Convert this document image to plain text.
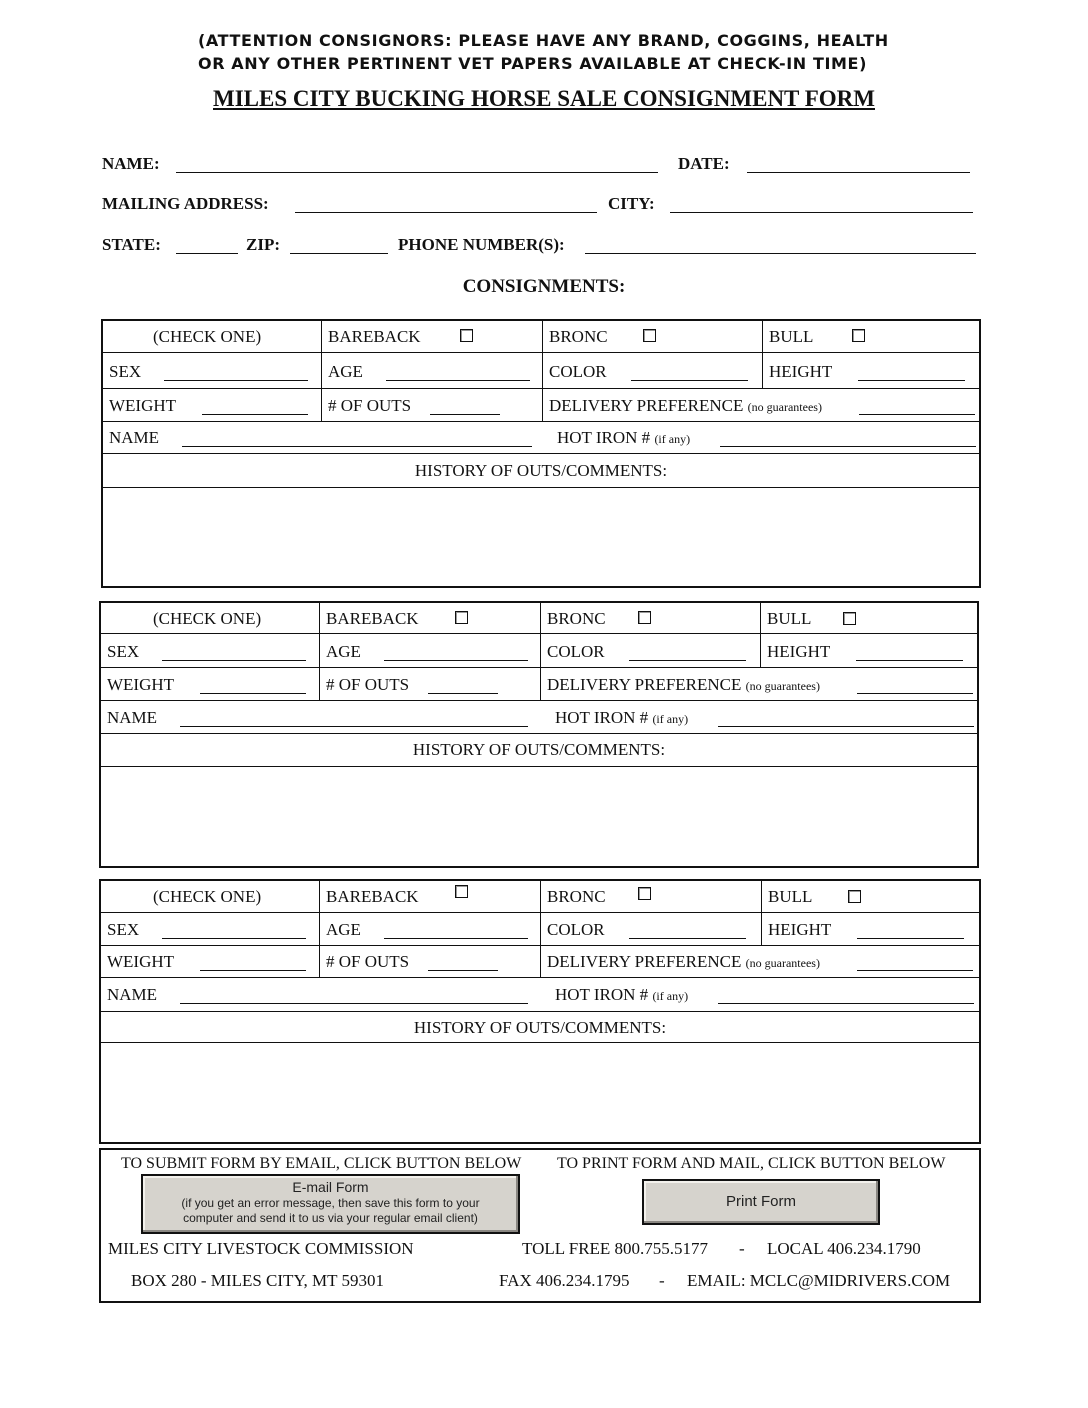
(ATTENTION CONSIGNORS: PLEASE HAVE ANY BRAND, COGGINS, HEALTH
OR ANY OTHER PERTINENT VET PAPERS AVAILABLE AT CHECK-IN TIME)
MILES CITY BUCKING HORSE SALE CONSIGNMENT FORM
NAME:	DATE:
MAILING ADDRESS:	CITY:
STATE:	ZIP:	PHONE NUMBER(S):
CONSIGNMENTS:
(CHECK ONE)	BAREBACK	BRONC	BULL
SEX	AGE	COLOR	HEIGHT
WEIGHT	# OF OUTS	DELIVERY PREFERENCE (no guarantees)
NAME	HOT IRON # (if any)
HISTORY OF OUTS/COMMENTS:
(CHECK ONE)	BAREBACK	BRONC	BULL
SEX	AGE	COLOR	HEIGHT
WEIGHT	# OF OUTS	DELIVERY PREFERENCE (no guarantees)
NAME	HOT IRON # (if any)
HISTORY OF OUTS/COMMENTS:
(CHECK ONE)	BAREBACK	BRONC	BULL
SEX	AGE	COLOR	HEIGHT
WEIGHT	# OF OUTS	DELIVERY PREFERENCE (no guarantees)
NAME	HOT IRON # (if any)
HISTORY OF OUTS/COMMENTS:
TO SUBMIT FORM BY EMAIL, CLICK BUTTON BELOW TO PRINT FORM AND MAIL, CLICK BUTTON BELOW
E-mail Form
(if you get an error message, then save this form to your
computer and send it to us via your regular email client)
Print Form
MILES CITY LIVESTOCK COMMISSION	TOLL FREE 800.755.5177 - LOCAL 406.234.1790
BOX 280 - MILES CITY, MT 59301	FAX 406.234.1795 - EMAIL: MCLC@MIDRIVERS.COM
